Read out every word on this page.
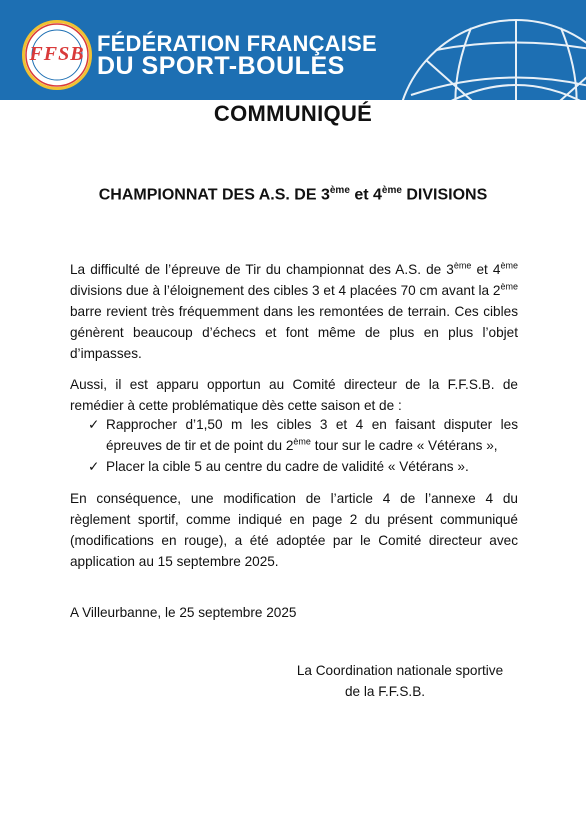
FFSB FÉDÉRATION FRANÇAISE
DU SPORT-BOULES
COMMUNIQUÉ
CHAMPIONNAT DES A.S. DE 3ème et 4ème DIVISIONS
La difficulté de l’épreuve de Tir du championnat des A.S. de 3ème et 4ème divisions due à l’éloignement des cibles 3 et 4 placées 70 cm avant la 2ème barre revient très fréquemment dans les remontées de terrain. Ces cibles génèrent beaucoup d’échecs et font même de plus en plus l’objet d’impasses.
Aussi, il est apparu opportun au Comité directeur de la F.F.S.B. de remédier à cette problématique dès cette saison et de :
✓ Rapprocher d’1,50 m les cibles 3 et 4 en faisant disputer les épreuves de tir et de point du 2ème tour sur le cadre « Vétérans »,
✓ Placer la cible 5 au centre du cadre de validité « Vétérans ».
En conséquence, une modification de l’article 4 de l’annexe 4 du règlement sportif, comme indiqué en page 2 du présent communiqué (modifications en rouge), a été adoptée par le Comité directeur avec application au 15 septembre 2025.
A Villeurbanne, le 25 septembre 2025
La Coordination nationale sportive
de la F.F.S.B.
